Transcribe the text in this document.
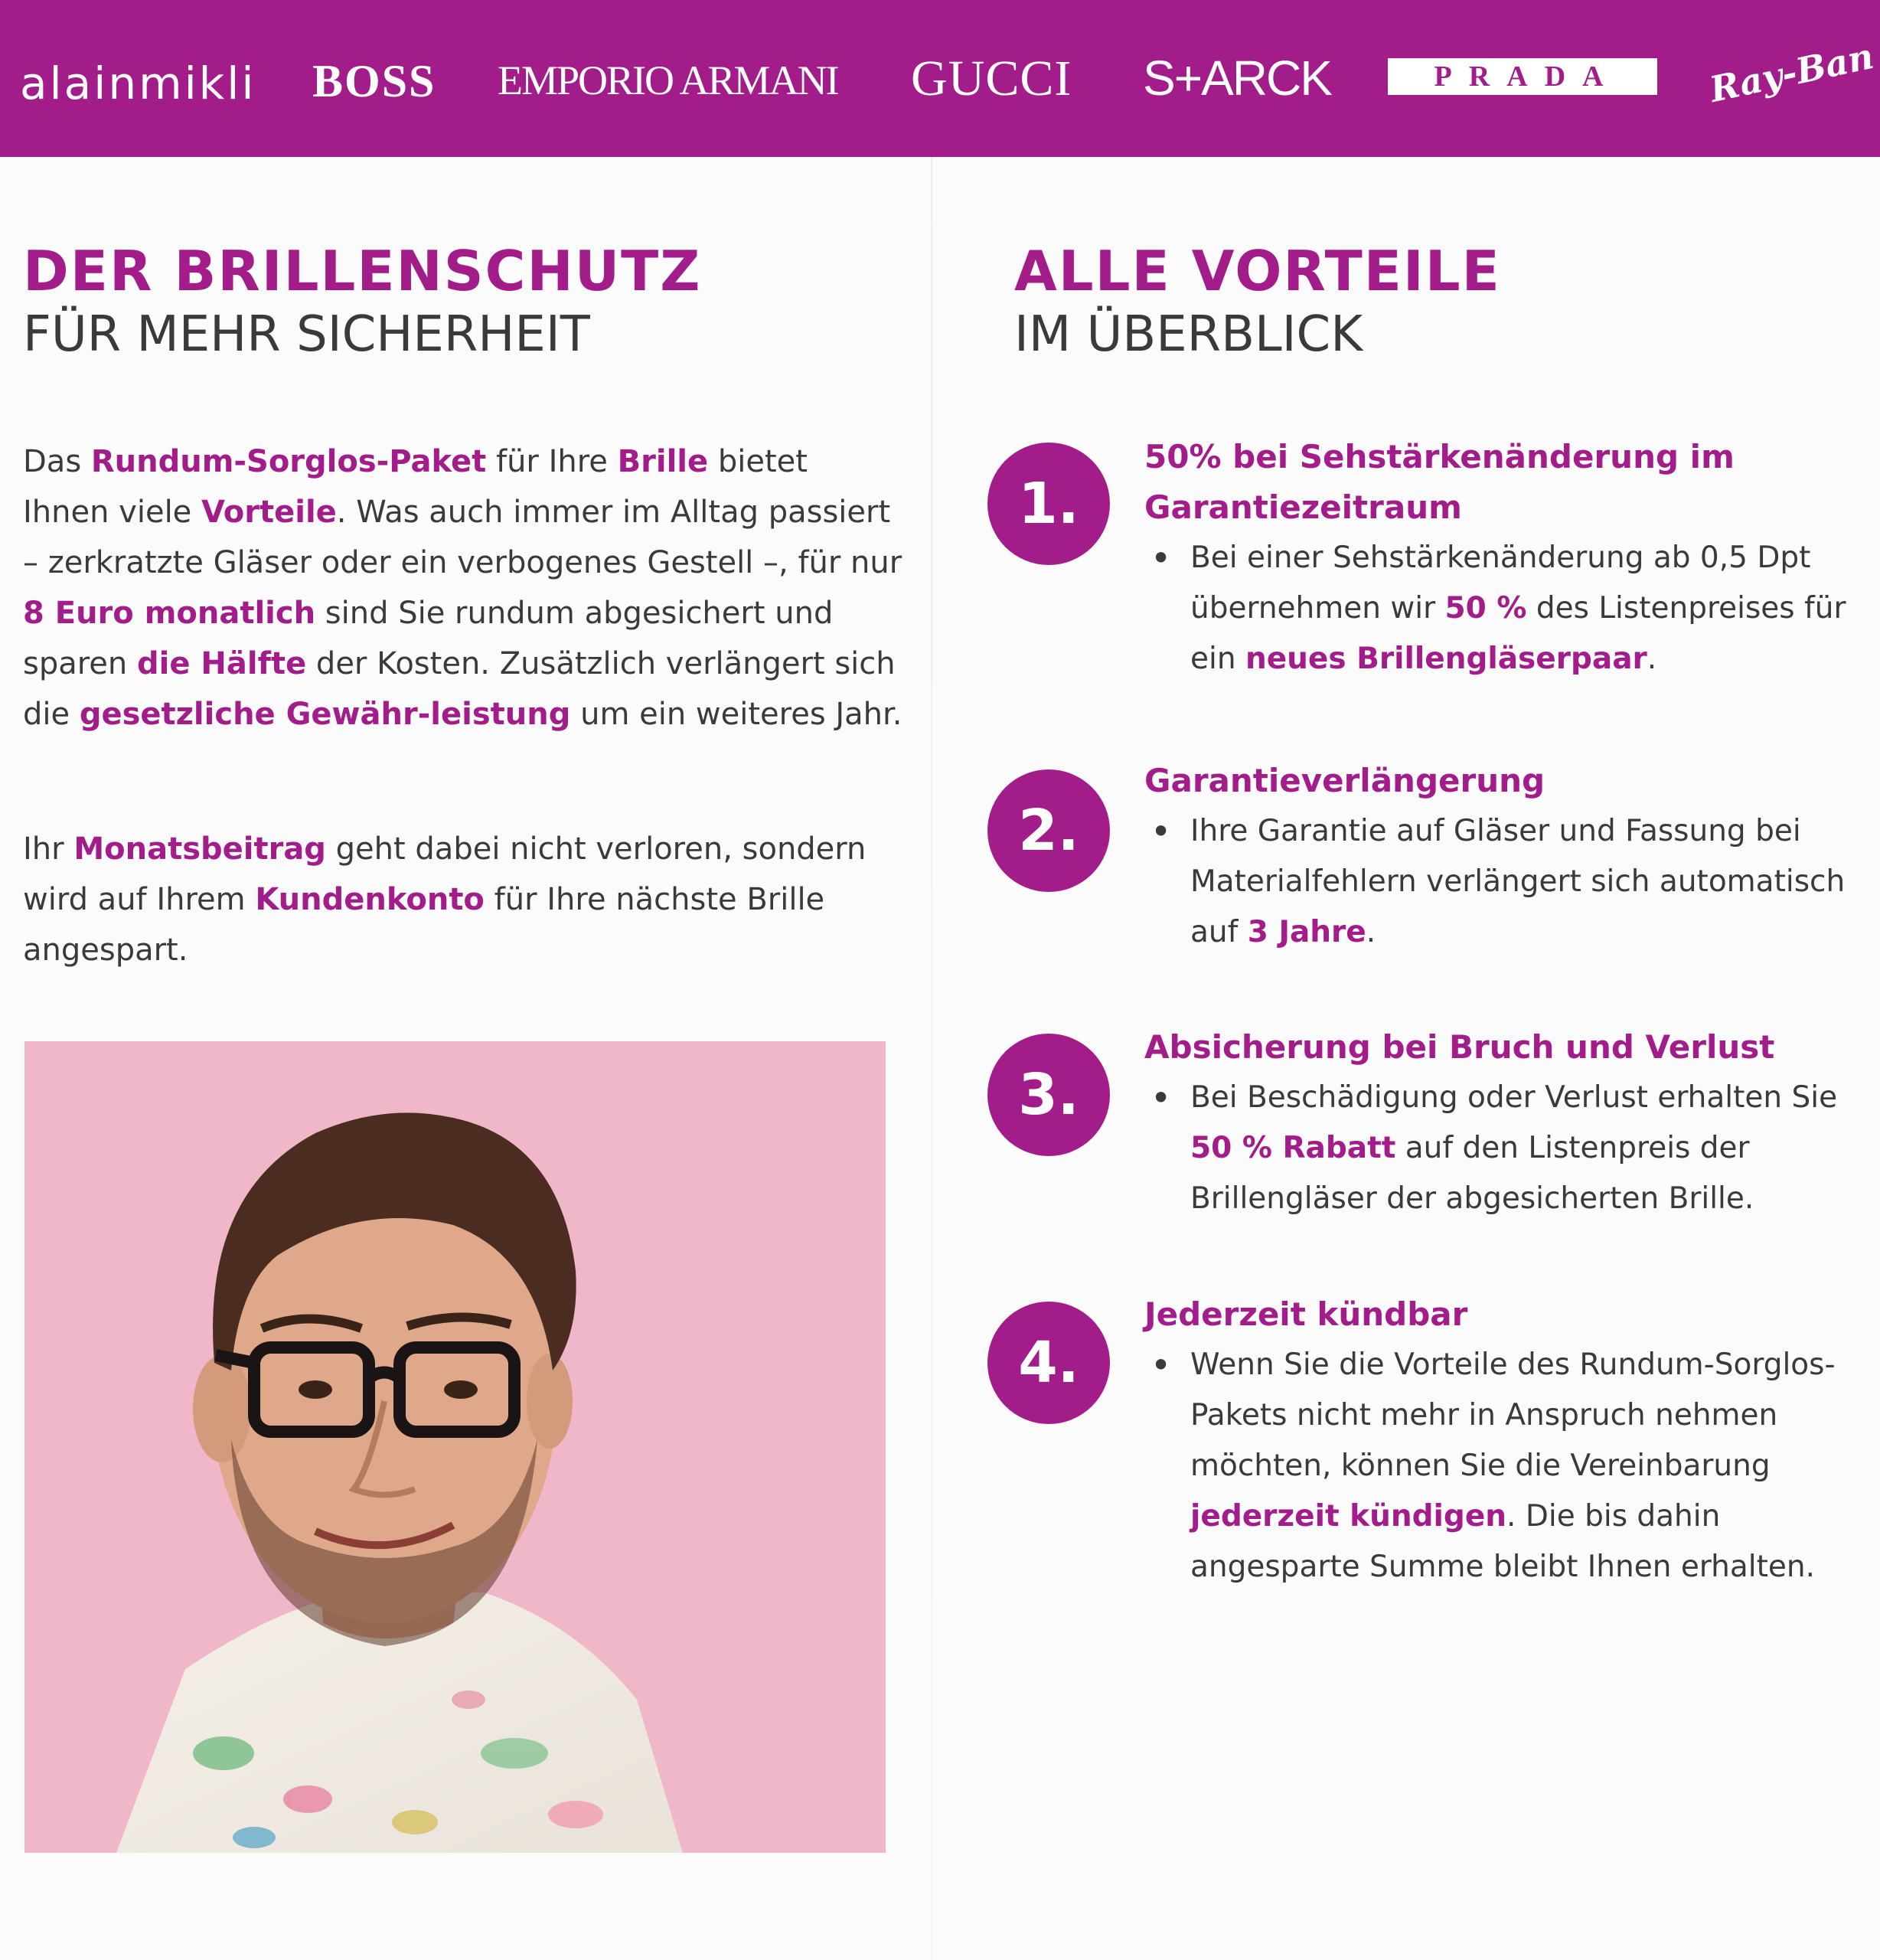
alainmikli BOSS EMPORIO ARMANI GUCCI S+ARCK	PRADA	Ray-Ban
DER BRILLENSCHUTZ
FÜR MEHR SICHERHEIT

Das Rundum-Sorglos-Paket für Ihre Brille bietet Ihnen viele Vorteile. Was auch immer im Alltag passiert – zerkratzte Gläser oder ein verbogenes Gestell –, für nur 8 Euro monatlich sind Sie rundum abgesichert und sparen die Hälfte der Kosten. Zusätzlich verlängert sich die gesetzliche Gewähr-leistung um ein weiteres Jahr.

Ihr Monatsbeitrag geht dabei nicht verloren, sondern wird auf Ihrem Kundenkonto für Ihre nächste Brille angespart.

ALLE VORTEILE
IM ÜBERBLICK
1.
50% bei Sehstärkenänderung im Garantiezeitraum

• Bei einer Sehstärkenänderung ab 0,5 Dpt übernehmen wir 50 % des Listenpreises für ein neues Brillengläserpaar.

2.
Garantieverlängerung

• Ihre Garantie auf Gläser und Fassung bei Materialfehlern verlängert sich automatisch auf 3 Jahre.

3.
Absicherung bei Bruch und Verlust

• Bei Beschädigung oder Verlust erhalten Sie 50 % Rabatt auf den Listenpreis der Brillengläser der abgesicherten Brille.

4.
Jederzeit kündbar

• Wenn Sie die Vorteile des Rundum-Sorglos-Pakets nicht mehr in Anspruch nehmen möchten, können Sie die Vereinbarung jederzeit kündigen. Die bis dahin angesparte Summe bleibt Ihnen erhalten.
